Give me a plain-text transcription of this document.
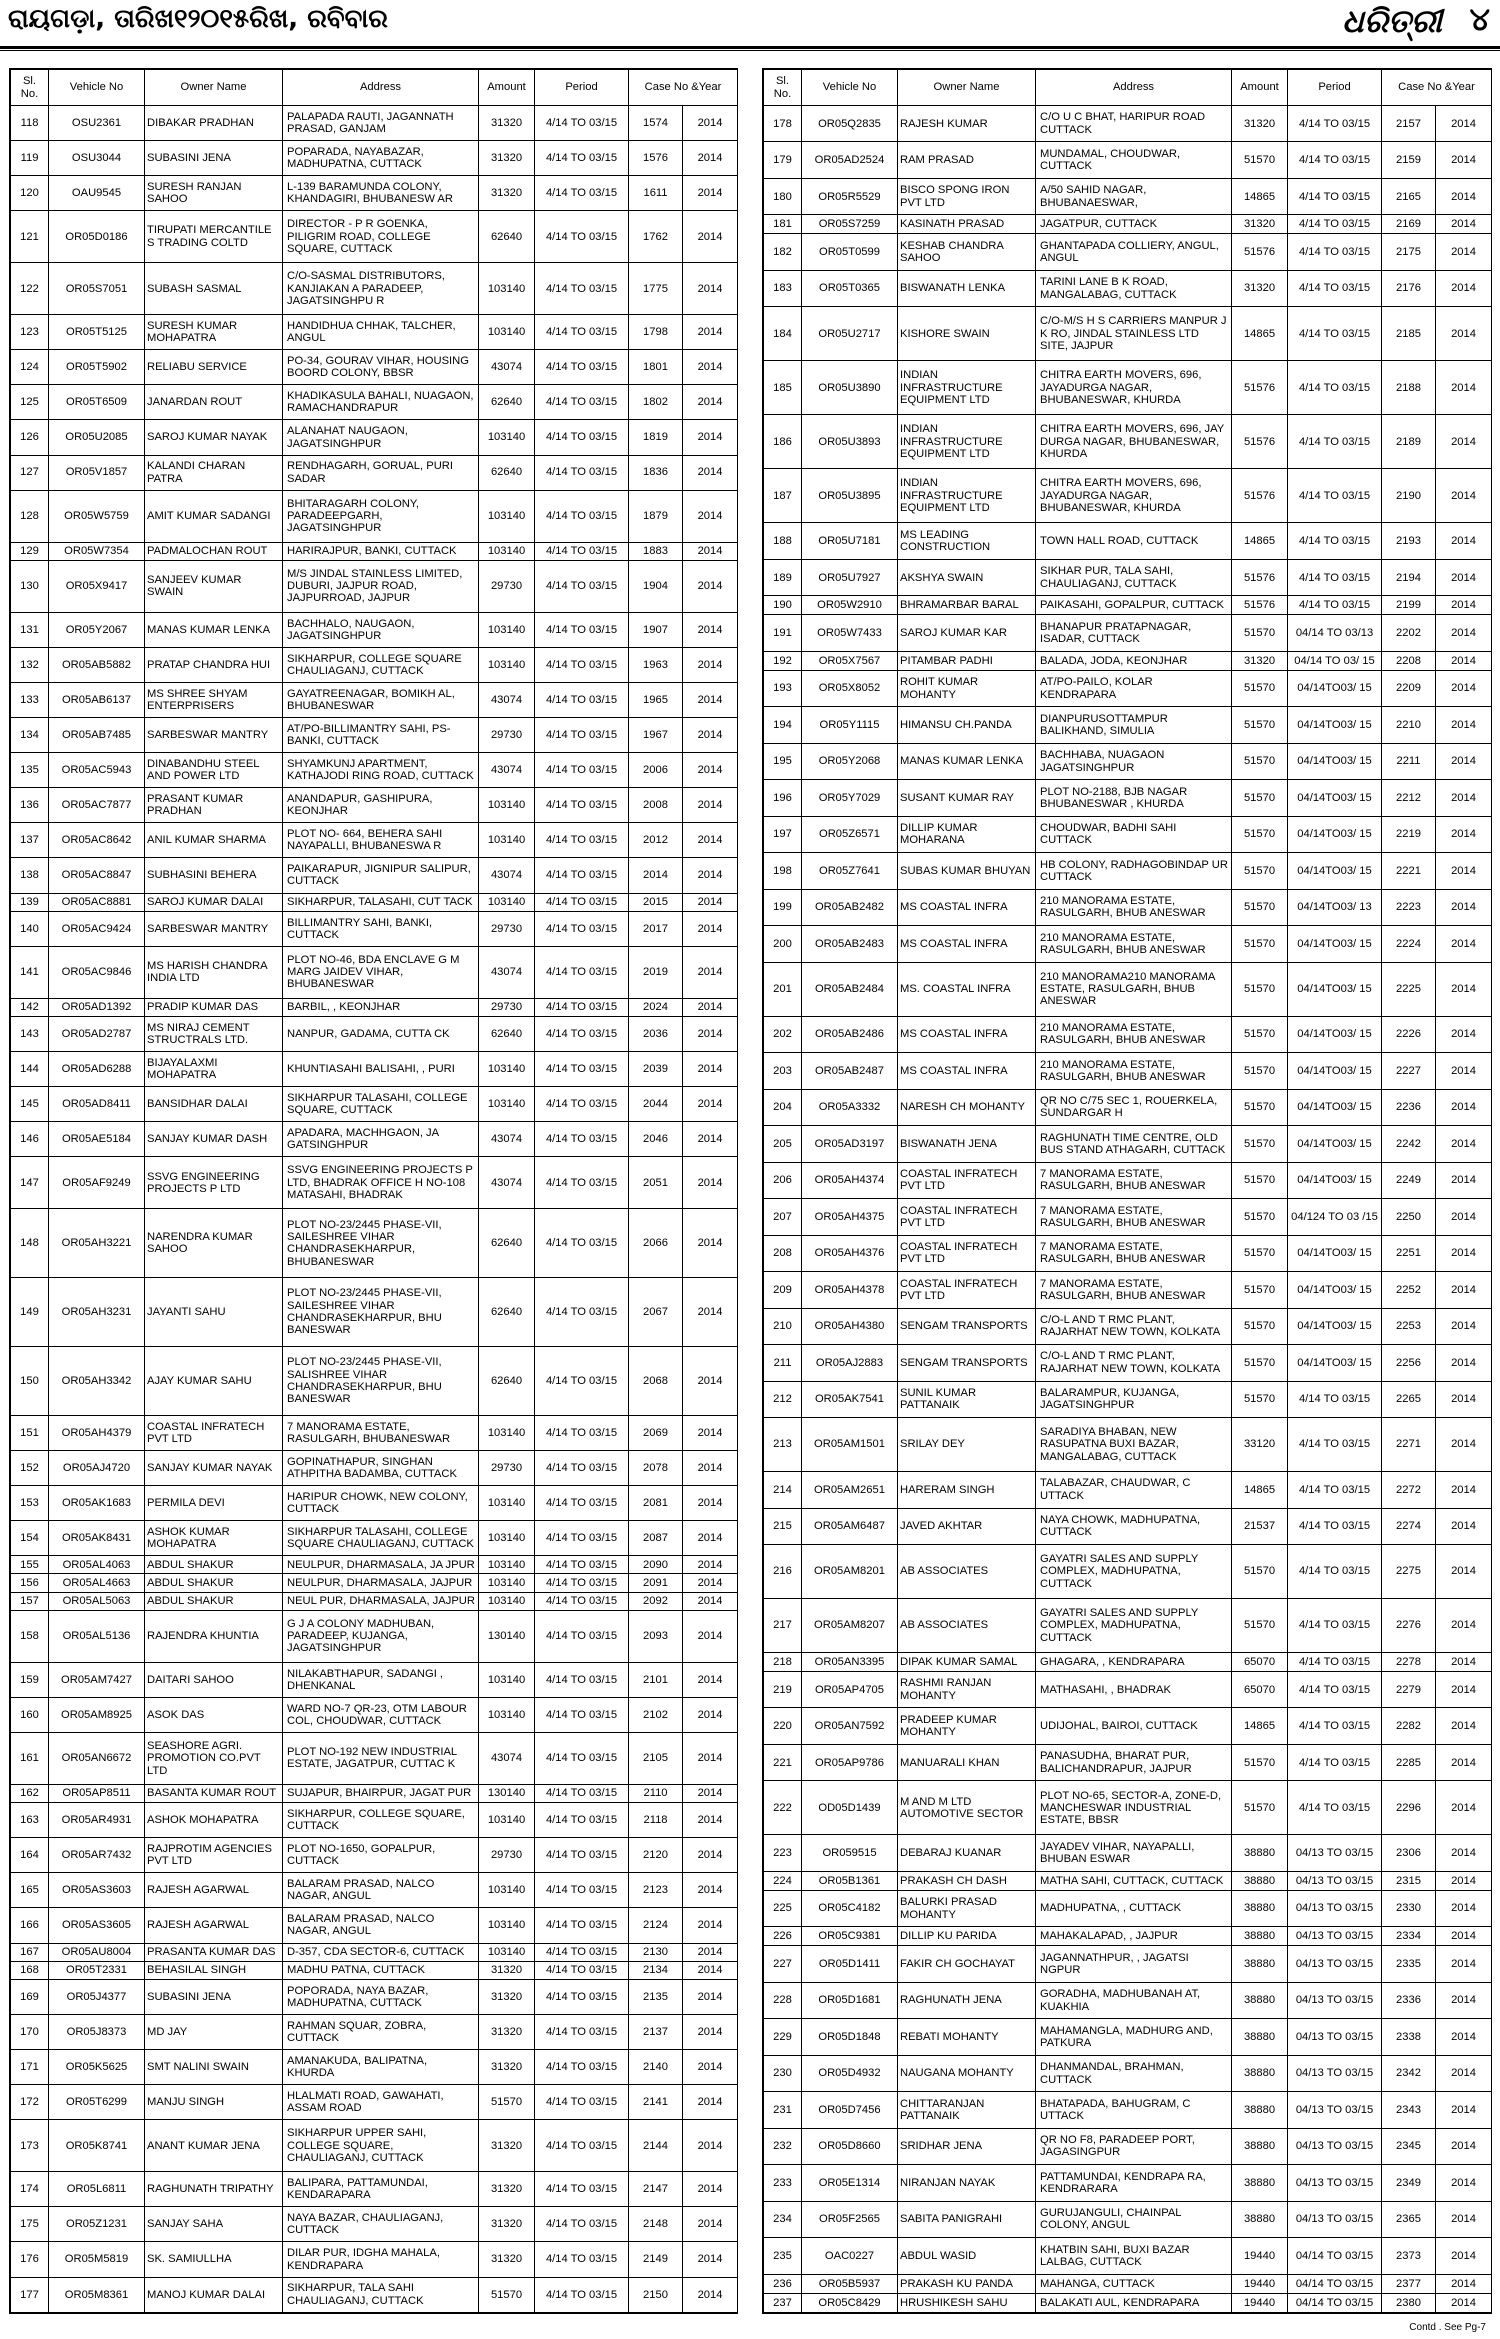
ରାୟଗଡ଼ା, ତାରିଖ୧୨୦୧୫ରିଖ, ରବିବାର	ଧରିତ୍ରୀ ୪
Sl. No.	Vehicle No	Owner Name	Address	Amount	Period	Case No &Year	
118	OSU2361	DIBAKAR PRADHAN	PALAPADA RAUTI, JAGANNATH PRASAD, GANJAM	31320	4/14 TO 03/15	1574	2014
119	OSU3044	SUBASINI JENA	POPARADA, NAYABAZAR, MADHUPATNA, CUTTACK	31320	4/14 TO 03/15	1576	2014
120	OAU9545	SURESH RANJAN SAHOO	L-139 BARAMUNDA COLONY, KHANDAGIRI, BHUBANESW AR	31320	4/14 TO 03/15	1611	2014
121	OR05D0186	TIRUPATI MERCANTILE S TRADING COLTD	DIRECTOR - P R GOENKA, PILIGRIM ROAD, COLLEGE SQUARE, CUTTACK	62640	4/14 TO 03/15	1762	2014
122	OR05S7051	SUBASH SASMAL	C/O-SASMAL DISTRIBUTORS, KANJIAKAN A PARADEEP, JAGATSINGHPU R	103140	4/14 TO 03/15	1775	2014
123	OR05T5125	SURESH KUMAR MOHAPATRA	HANDIDHUA CHHAK, TALCHER, ANGUL	103140	4/14 TO 03/15	1798	2014
124	OR05T5902	RELIABU SERVICE	PO-34, GOURAV VIHAR, HOUSING BOORD COLONY, BBSR	43074	4/14 TO 03/15	1801	2014
125	OR05T6509	JANARDAN ROUT	KHADIKASULA BAHALI, NUAGAON, RAMACHANDRAPUR	62640	4/14 TO 03/15	1802	2014
126	OR05U2085	SAROJ KUMAR NAYAK	ALANAHAT NAUGAON, JAGATSINGHPUR	103140	4/14 TO 03/15	1819	2014
127	OR05V1857	KALANDI CHARAN PATRA	RENDHAGARH, GORUAL, PURI SADAR	62640	4/14 TO 03/15	1836	2014
128	OR05W5759	AMIT KUMAR SADANGI	BHITARAGARH COLONY, PARADEEPGARH, JAGATSINGHPUR	103140	4/14 TO 03/15	1879	2014
129	OR05W7354	PADMALOCHAN ROUT	HARIRAJPUR, BANKI, CUTTACK	103140	4/14 TO 03/15	1883	2014
130	OR05X9417	SANJEEV KUMAR SWAIN	M/S JINDAL STAINLESS LIMITED, DUBURI, JAJPUR ROAD, JAJPURROAD, JAJPUR	29730	4/14 TO 03/15	1904	2014
131	OR05Y2067	MANAS KUMAR LENKA	BACHHALO, NAUGAON, JAGATSINGHPUR	103140	4/14 TO 03/15	1907	2014
132	OR05AB5882	PRATAP CHANDRA HUI	SIKHARPUR, COLLEGE SQUARE CHAULIAGANJ, CUTTACK	103140	4/14 TO 03/15	1963	2014
133	OR05AB6137	MS SHREE SHYAM ENTERPRISERS	GAYATREENAGAR, BOMIKH AL, BHUBANESWAR	43074	4/14 TO 03/15	1965	2014
134	OR05AB7485	SARBESWAR MANTRY	AT/PO-BILLIMANTRY SAHI, PS-BANKI, CUTTACK	29730	4/14 TO 03/15	1967	2014
135	OR05AC5943	DINABANDHU STEEL AND POWER LTD	SHYAMKUNJ APARTMENT, KATHAJODI RING ROAD, CUTTACK	43074	4/14 TO 03/15	2006	2014
136	OR05AC7877	PRASANT KUMAR PRADHAN	ANANDAPUR, GASHIPURA, KEONJHAR	103140	4/14 TO 03/15	2008	2014
137	OR05AC8642	ANIL KUMAR SHARMA	PLOT NO- 664, BEHERA SAHI NAYAPALLI, BHUBANESWA R	103140	4/14 TO 03/15	2012	2014
138	OR05AC8847	SUBHASINI BEHERA	PAIKARAPUR, JIGNIPUR SALIPUR, CUTTACK	43074	4/14 TO 03/15	2014	2014
139	OR05AC8881	SAROJ KUMAR DALAI	SIKHARPUR, TALASAHI, CUT TACK	103140	4/14 TO 03/15	2015	2014
140	OR05AC9424	SARBESWAR MANTRY	BILLIMANTRY SAHI, BANKI, CUTTACK	29730	4/14 TO 03/15	2017	2014
141	OR05AC9846	MS HARISH CHANDRA INDIA LTD	PLOT NO-46, BDA ENCLAVE G M MARG JAIDEV VIHAR, BHUBANESWAR	43074	4/14 TO 03/15	2019	2014
142	OR05AD1392	PRADIP KUMAR DAS	BARBIL, , KEONJHAR	29730	4/14 TO 03/15	2024	2014
143	OR05AD2787	MS NIRAJ CEMENT STRUCTRALS LTD.	NANPUR, GADAMA, CUTTA CK	62640	4/14 TO 03/15	2036	2014
144	OR05AD6288	BIJAYALAXMI MOHAPATRA	KHUNTIASAHI BALISAHI, , PURI	103140	4/14 TO 03/15	2039	2014
145	OR05AD8411	BANSIDHAR DALAI	SIKHARPUR TALASAHI, COLLEGE SQUARE, CUTTACK	103140	4/14 TO 03/15	2044	2014
146	OR05AE5184	SANJAY KUMAR DASH	APADARA, MACHHGAON, JA GATSINGHPUR	43074	4/14 TO 03/15	2046	2014
147	OR05AF9249	SSVG ENGINEERING PROJECTS P LTD	SSVG ENGINEERING PROJECTS P LTD, BHADRAK OFFICE H NO-108 MATASAHI, BHADRAK	43074	4/14 TO 03/15	2051	2014
148	OR05AH3221	NARENDRA KUMAR SAHOO	PLOT NO-23/2445 PHASE-VII, SAILESHREE VIHAR CHANDRASEKHARPUR, BHUBANESWAR	62640	4/14 TO 03/15	2066	2014
149	OR05AH3231	JAYANTI SAHU	PLOT NO-23/2445 PHASE-VII, SAILESHREE VIHAR CHANDRASEKHARPUR, BHU BANESWAR	62640	4/14 TO 03/15	2067	2014
150	OR05AH3342	AJAY KUMAR SAHU	PLOT NO-23/2445 PHASE-VII, SALISHREE VIHAR CHANDRASEKHARPUR, BHU BANESWAR	62640	4/14 TO 03/15	2068	2014
151	OR05AH4379	COASTAL INFRATECH PVT LTD	7 MANORAMA ESTATE, RASULGARH, BHUBANESWAR	103140	4/14 TO 03/15	2069	2014
152	OR05AJ4720	SANJAY KUMAR NAYAK	GOPINATHAPUR, SINGHAN ATHPITHA BADAMBA, CUTTACK	29730	4/14 TO 03/15	2078	2014
153	OR05AK1683	PERMILA DEVI	HARIPUR CHOWK, NEW COLONY, CUTTACK	103140	4/14 TO 03/15	2081	2014
154	OR05AK8431	ASHOK KUMAR MOHAPATRA	SIKHARPUR TALASAHI, COLLEGE SQUARE CHAULIAGANJ, CUTTACK	103140	4/14 TO 03/15	2087	2014
155	OR05AL4063	ABDUL SHAKUR	NEULPUR, DHARMASALA, JA JPUR	103140	4/14 TO 03/15	2090	2014
156	OR05AL4663	ABDUL SHAKUR	NEULPUR, DHARMASALA, JAJPUR	103140	4/14 TO 03/15	2091	2014
157	OR05AL5063	ABDUL SHAKUR	NEUL PUR, DHARMASALA, JAJPUR	103140	4/14 TO 03/15	2092	2014
158	OR05AL5136	RAJENDRA KHUNTIA	G J A COLONY MADHUBAN, PARADEEP, KUJANGA, JAGATSINGHPUR	130140	4/14 TO 03/15	2093	2014
159	OR05AM7427	DAITARI SAHOO	NILAKABTHAPUR, SADANGI , DHENKANAL	103140	4/14 TO 03/15	2101	2014
160	OR05AM8925	ASOK DAS	WARD NO-7 QR-23, OTM LABOUR COL, CHOUDWAR, CUTTACK	103140	4/14 TO 03/15	2102	2014
161	OR05AN6672	SEASHORE AGRI. PROMOTION CO.PVT LTD	PLOT NO-192 NEW INDUSTRIAL ESTATE, JAGATPUR, CUTTAC K	43074	4/14 TO 03/15	2105	2014
162	OR05AP8511	BASANTA KUMAR ROUT	SUJAPUR, BHAIRPUR, JAGAT PUR	130140	4/14 TO 03/15	2110	2014
163	OR05AR4931	ASHOK MOHAPATRA	SIKHARPUR, COLLEGE SQUARE, CUTTACK	103140	4/14 TO 03/15	2118	2014
164	OR05AR7432	RAJPROTIM AGENCIES PVT LTD	PLOT NO-1650, GOPALPUR, CUTTACK	29730	4/14 TO 03/15	2120	2014
165	OR05AS3603	RAJESH AGARWAL	BALARAM PRASAD, NALCO NAGAR, ANGUL	103140	4/14 TO 03/15	2123	2014
166	OR05AS3605	RAJESH AGARWAL	BALARAM PRASAD, NALCO NAGAR, ANGUL	103140	4/14 TO 03/15	2124	2014
167	OR05AU8004	PRASANTA KUMAR DAS	D-357, CDA SECTOR-6, CUTTACK	103140	4/14 TO 03/15	2130	2014
168	OR05T2331	BEHASILAL SINGH	MADHU PATNA, CUTTACK	31320	4/14 TO 03/15	2134	2014
169	OR05J4377	SUBASINI JENA	POPORADA, NAYA BAZAR, MADHUPATNA, CUTTACK	31320	4/14 TO 03/15	2135	2014
170	OR05J8373	MD JAY	RAHMAN SQUAR, ZOBRA, CUTTACK	31320	4/14 TO 03/15	2137	2014
171	OR05K5625	SMT NALINI SWAIN	AMANAKUDA, BALIPATNA, KHURDA	31320	4/14 TO 03/15	2140	2014
172	OR05T6299	MANJU SINGH	HLALMATI ROAD, GAWAHATI, ASSAM ROAD	51570	4/14 TO 03/15	2141	2014
173	OR05K8741	ANANT KUMAR JENA	SIKHARPUR UPPER SAHI, COLLEGE SQUARE, CHAULIAGANJ, CUTTACK	31320	4/14 TO 03/15	2144	2014
174	OR05L6811	RAGHUNATH TRIPATHY	BALIPARA, PATTAMUNDAI, KENDARAPARA	31320	4/14 TO 03/15	2147	2014
175	OR05Z1231	SANJAY SAHA	NAYA BAZAR, CHAULIAGANJ, CUTTACK	31320	4/14 TO 03/15	2148	2014
176	OR05M5819	SK. SAMIULLHA	DILAR PUR, IDGHA MAHALA, KENDRAPARA	31320	4/14 TO 03/15	2149	2014
177	OR05M8361	MANOJ KUMAR DALAI	SIKHARPUR, TALA SAHI CHAULIAGANJ, CUTTACK	51570	4/14 TO 03/15	2150	2014
Sl. No.	Vehicle No	Owner Name	Address	Amount	Period	Case No &Year	
178	OR05Q2835	RAJESH KUMAR	C/O U C BHAT, HARIPUR ROAD CUTTACK	31320	4/14 TO 03/15	2157	2014
179	OR05AD2524	RAM PRASAD	MUNDAMAL, CHOUDWAR, CUTTACK	51570	4/14 TO 03/15	2159	2014
180	OR05R5529	BISCO SPONG IRON PVT LTD	A/50 SAHID NAGAR, BHUBANAESWAR,	14865	4/14 TO 03/15	2165	2014
181	OR05S7259	KASINATH PRASAD	JAGATPUR, CUTTACK	31320	4/14 TO 03/15	2169	2014
182	OR05T0599	KESHAB CHANDRA SAHOO	GHANTAPADA COLLIERY, ANGUL, ANGUL	51576	4/14 TO 03/15	2175	2014
183	OR05T0365	BISWANATH LENKA	TARINI LANE B K ROAD, MANGALABAG, CUTTACK	31320	4/14 TO 03/15	2176	2014
184	OR05U2717	KISHORE SWAIN	C/O-M/S H S CARRIERS MANPUR J K RO, JINDAL STAINLESS LTD SITE, JAJPUR	14865	4/14 TO 03/15	2185	2014
185	OR05U3890	INDIAN INFRASTRUCTURE EQUIPMENT LTD	CHITRA EARTH MOVERS, 696, JAYADURGA NAGAR, BHUBANESWAR, KHURDA	51576	4/14 TO 03/15	2188	2014
186	OR05U3893	INDIAN INFRASTRUCTURE EQUIPMENT LTD	CHITRA EARTH MOVERS, 696, JAY DURGA NAGAR, BHUBANESWAR, KHURDA	51576	4/14 TO 03/15	2189	2014
187	OR05U3895	INDIAN INFRASTRUCTURE EQUIPMENT LTD	CHITRA EARTH MOVERS, 696, JAYADURGA NAGAR, BHUBANESWAR, KHURDA	51576	4/14 TO 03/15	2190	2014
188	OR05U7181	MS LEADING CONSTRUCTION	TOWN HALL ROAD, CUTTACK	14865	4/14 TO 03/15	2193	2014
189	OR05U7927	AKSHYA SWAIN	SIKHAR PUR, TALA SAHI, CHAULIAGANJ, CUTTACK	51576	4/14 TO 03/15	2194	2014
190	OR05W2910	BHRAMARBAR BARAL	PAIKASAHI, GOPALPUR, CUTTACK	51576	4/14 TO 03/15	2199	2014
191	OR05W7433	SAROJ KUMAR KAR	BHANAPUR PRATAPNAGAR, ISADAR, CUTTACK	51570	04/14 TO 03/13	2202	2014
192	OR05X7567	PITAMBAR PADHI	BALADA, JODA, KEONJHAR	31320	04/14 TO 03/ 15	2208	2014
193	OR05X8052	ROHIT KUMAR MOHANTY	AT/PO-PAILO, KOLAR KENDRAPARA	51570	04/14TO03/ 15	2209	2014
194	OR05Y1115	HIMANSU CH.PANDA	DIANPURUSOTTAMPUR BALIKHAND, SIMULIA	51570	04/14TO03/ 15	2210	2014
195	OR05Y2068	MANAS KUMAR LENKA	BACHHABA, NUAGAON JAGATSINGHPUR	51570	04/14TO03/ 15	2211	2014
196	OR05Y7029	SUSANT KUMAR RAY	PLOT NO-2188, BJB NAGAR BHUBANESWAR , KHURDA	51570	04/14TO03/ 15	2212	2014
197	OR05Z6571	DILLIP KUMAR MOHARANA	CHOUDWAR, BADHI SAHI CUTTACK	51570	04/14TO03/ 15	2219	2014
198	OR05Z7641	SUBAS KUMAR BHUYAN	HB COLONY, RADHAGOBINDAP UR CUTTACK	51570	04/14TO03/ 15	2221	2014
199	OR05AB2482	MS COASTAL INFRA	210 MANORAMA ESTATE, RASULGARH, BHUB ANESWAR	51570	04/14TO03/ 13	2223	2014
200	OR05AB2483	MS COASTAL INFRA	210 MANORAMA ESTATE, RASULGARH, BHUB ANESWAR	51570	04/14TO03/ 15	2224	2014
201	OR05AB2484	MS. COASTAL INFRA	210 MANORAMA210 MANORAMA ESTATE, RASULGARH, BHUB ANESWAR	51570	04/14TO03/ 15	2225	2014
202	OR05AB2486	MS COASTAL INFRA	210 MANORAMA ESTATE, RASULGARH, BHUB ANESWAR	51570	04/14TO03/ 15	2226	2014
203	OR05AB2487	MS COASTAL INFRA	210 MANORAMA ESTATE, RASULGARH, BHUB ANESWAR	51570	04/14TO03/ 15	2227	2014
204	OR05A3332	NARESH CH MOHANTY	QR NO C/75 SEC 1, ROUERKELA, SUNDARGAR H	51570	04/14TO03/ 15	2236	2014
205	OR05AD3197	BISWANATH JENA	RAGHUNATH TIME CENTRE, OLD BUS STAND ATHAGARH, CUTTACK	51570	04/14TO03/ 15	2242	2014
206	OR05AH4374	COASTAL INFRATECH PVT LTD	7 MANORAMA ESTATE, RASULGARH, BHUB ANESWAR	51570	04/14TO03/ 15	2249	2014
207	OR05AH4375	COASTAL INFRATECH PVT LTD	7 MANORAMA ESTATE, RASULGARH, BHUB ANESWAR	51570	04/124 TO 03 /15	2250	2014
208	OR05AH4376	COASTAL INFRATECH PVT LTD	7 MANORAMA ESTATE, RASULGARH, BHUB ANESWAR	51570	04/14TO03/ 15	2251	2014
209	OR05AH4378	COASTAL INFRATECH PVT LTD	7 MANORAMA ESTATE, RASULGARH, BHUB ANESWAR	51570	04/14TO03/ 15	2252	2014
210	OR05AH4380	SENGAM TRANSPORTS	C/O-L AND T RMC PLANT, RAJARHAT NEW TOWN, KOLKATA	51570	04/14TO03/ 15	2253	2014
211	OR05AJ2883	SENGAM TRANSPORTS	C/O-L AND T RMC PLANT, RAJARHAT NEW TOWN, KOLKATA	51570	04/14TO03/ 15	2256	2014
212	OR05AK7541	SUNIL KUMAR PATTANAIK	BALARAMPUR, KUJANGA, JAGATSINGHPUR	51570	4/14 TO 03/15	2265	2014
213	OR05AM1501	SRILAY DEY	SARADIYA BHABAN, NEW RASUPATNA BUXI BAZAR, MANGALABAG, CUTTACK	33120	4/14 TO 03/15	2271	2014
214	OR05AM2651	HARERAM SINGH	TALABAZAR, CHAUDWAR, C UTTACK	14865	4/14 TO 03/15	2272	2014
215	OR05AM6487	JAVED AKHTAR	NAYA CHOWK, MADHUPATNA, CUTTACK	21537	4/14 TO 03/15	2274	2014
216	OR05AM8201	AB ASSOCIATES	GAYATRI SALES AND SUPPLY COMPLEX, MADHUPATNA, CUTTACK	51570	4/14 TO 03/15	2275	2014
217	OR05AM8207	AB ASSOCIATES	GAYATRI SALES AND SUPPLY COMPLEX, MADHUPATNA, CUTTACK	51570	4/14 TO 03/15	2276	2014
218	OR05AN3395	DIPAK KUMAR SAMAL	GHAGARA, , KENDRAPARA	65070	4/14 TO 03/15	2278	2014
219	OR05AP4705	RASHMI RANJAN MOHANTY	MATHASAHI, , BHADRAK	65070	4/14 TO 03/15	2279	2014
220	OR05AN7592	PRADEEP KUMAR MOHANTY	UDIJOHAL, BAIROI, CUTTACK	14865	4/14 TO 03/15	2282	2014
221	OR05AP9786	MANUARALI KHAN	PANASUDHA, BHARAT PUR, BALICHANDRAPUR, JAJPUR	51570	4/14 TO 03/15	2285	2014
222	OD05D1439	M AND M LTD AUTOMOTIVE SECTOR	PLOT NO-65, SECTOR-A, ZONE-D, MANCHESWAR INDUSTRIAL ESTATE, BBSR	51570	4/14 TO 03/15	2296	2014
223	OR059515	DEBARAJ KUANAR	JAYADEV VIHAR, NAYAPALLI, BHUBAN ESWAR	38880	04/13 TO 03/15	2306	2014
224	OR05B1361	PRAKASH CH DASH	MATHA SAHI, CUTTACK, CUTTACK	38880	04/13 TO 03/15	2315	2014
225	OR05C4182	BALURKI PRASAD MOHANTY	MADHUPATNA, , CUTTACK	38880	04/13 TO 03/15	2330	2014
226	OR05C9381	DILLIP KU PARIDA	MAHAKALAPAD, , JAJPUR	38880	04/13 TO 03/15	2334	2014
227	OR05D1411	FAKIR CH GOCHAYAT	JAGANNATHPUR, , JAGATSI NGPUR	38880	04/13 TO 03/15	2335	2014
228	OR05D1681	RAGHUNATH JENA	GORADHA, MADHUBANAH AT, KUAKHIA	38880	04/13 TO 03/15	2336	2014
229	OR05D1848	REBATI MOHANTY	MAHAMANGLA, MADHURG AND, PATKURA	38880	04/13 TO 03/15	2338	2014
230	OR05D4932	NAUGANA MOHANTY	DHANMANDAL, BRAHMAN, CUTTACK	38880	04/13 TO 03/15	2342	2014
231	OR05D7456	CHITTARANJAN PATTANAIK	BHATAPADA, BAHUGRAM, C UTTACK	38880	04/13 TO 03/15	2343	2014
232	OR05D8660	SRIDHAR JENA	QR NO F8, PARADEEP PORT, JAGASINGPUR	38880	04/13 TO 03/15	2345	2014
233	OR05E1314	NIRANJAN NAYAK	PATTAMUNDAI, KENDRAPA RA, KENDRARARA	38880	04/13 TO 03/15	2349	2014
234	OR05F2565	SABITA PANIGRAHI	GURUJANGULI, CHAINPAL COLONY, ANGUL	38880	04/13 TO 03/15	2365	2014
235	OAC0227	ABDUL WASID	KHATBIN SAHI, BUXI BAZAR LALBAG, CUTTACK	19440	04/14 TO 03/15	2373	2014
236	OR05B5937	PRAKASH KU PANDA	MAHANGA, CUTTACK	19440	04/14 TO 03/15	2377	2014
237	OR05C8429	HRUSHIKESH SAHU	BALAKATI AUL, KENDRAPARA	19440	04/14 TO 03/15	2380	2014
Contd . See Pg-7
